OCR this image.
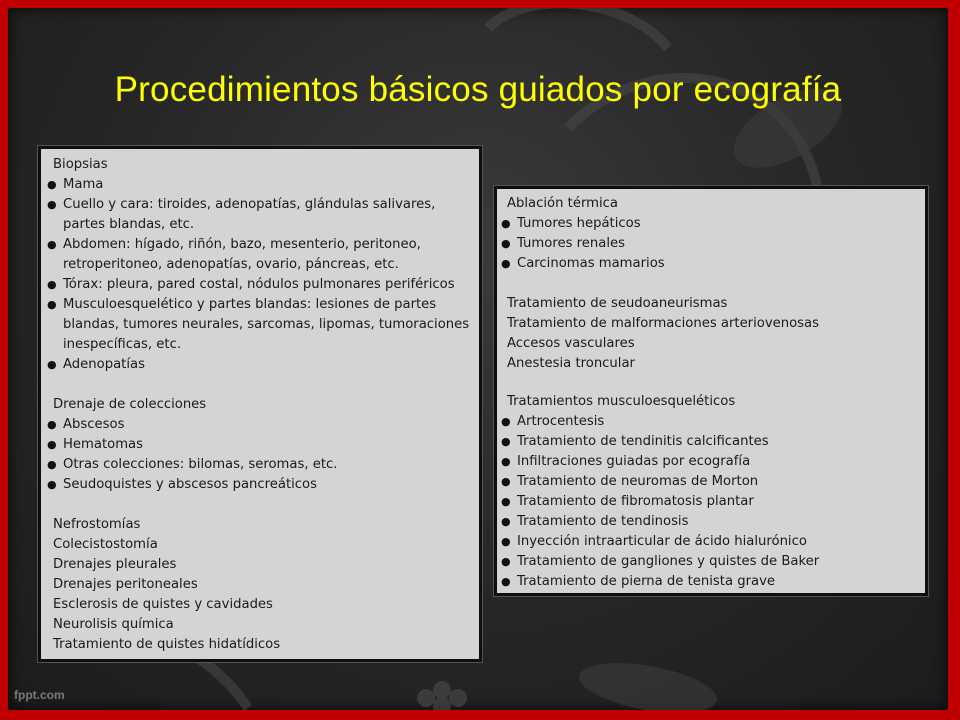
Procedimientos básicos guiados por ecografía
Biopsias
● Mama
● Cuello y cara: tiroides, adenopatías, glándulas salivares, partes blandas, etc.
● Abdomen: hígado, riñón, bazo, mesenterio, peritoneo, retroperitoneo, adenopatías, ovario, páncreas, etc.
● Tórax: pleura, pared costal, nódulos pulmonares periféricos
● Musculoesquelético y partes blandas: lesiones de partes blandas, tumores neurales, sarcomas, lipomas, tumoraciones inespecíficas, etc.
● Adenopatías
Drenaje de colecciones
● Abscesos
● Hematomas
● Otras colecciones: bilomas, seromas, etc.
● Seudoquistes y abscesos pancreáticos
Nefrostomías
Colecistostomía
Drenajes pleurales
Drenajes peritoneales
Esclerosis de quistes y cavidades
Neurolisis química
Tratamiento de quistes hidatídicos
Ablación térmica
● Tumores hepáticos
● Tumores renales
● Carcinomas mamarios
Tratamiento de seudoaneurismas
Tratamiento de malformaciones arteriovenosas
Accesos vasculares
Anestesia troncular
Tratamientos musculoesqueléticos
● Artrocentesis
● Tratamiento de tendinitis calcificantes
● Infiltraciones guiadas por ecografía
● Tratamiento de neuromas de Morton
● Tratamiento de fibromatosis plantar
● Tratamiento de tendinosis
● Inyección intraarticular de ácido hialurónico
● Tratamiento de gangliones y quistes de Baker
● Tratamiento de pierna de tenista grave
fppt.com
